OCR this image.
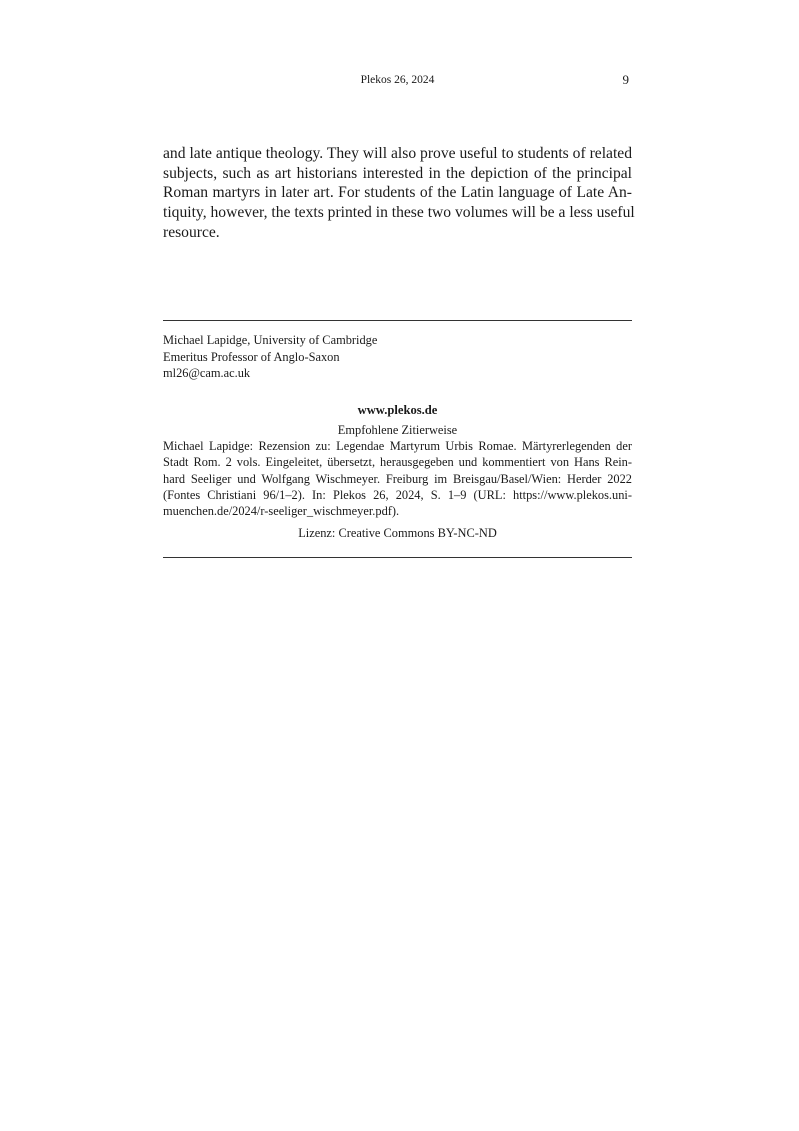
Plekos 26, 2024	9
and late antique theology. They will also prove useful to students of related
subjects, such as art historians interested in the depiction of the principal
Roman martyrs in later art. For students of the Latin language of Late An-
tiquity, however, the texts printed in these two volumes will be a less useful
resource.
Michael Lapidge, University of Cambridge
Emeritus Professor of Anglo-Saxon
ml26@cam.ac.uk
www.plekos.de
Empfohlene Zitierweise
Michael Lapidge: Rezension zu: Legendae Martyrum Urbis Romae. Märtyrerlegenden der
Stadt Rom. 2 vols. Eingeleitet, übersetzt, herausgegeben und kommentiert von Hans Rein-
hard Seeliger und Wolfgang Wischmeyer. Freiburg im Breisgau/Basel/Wien: Herder 2022
(Fontes Christiani 96/1–2). In: Plekos 26, 2024, S. 1–9 (URL: https://www.plekos.uni-
muenchen.de/2024/r-seeliger_wischmeyer.pdf).
Lizenz: Creative Commons BY-NC-ND
